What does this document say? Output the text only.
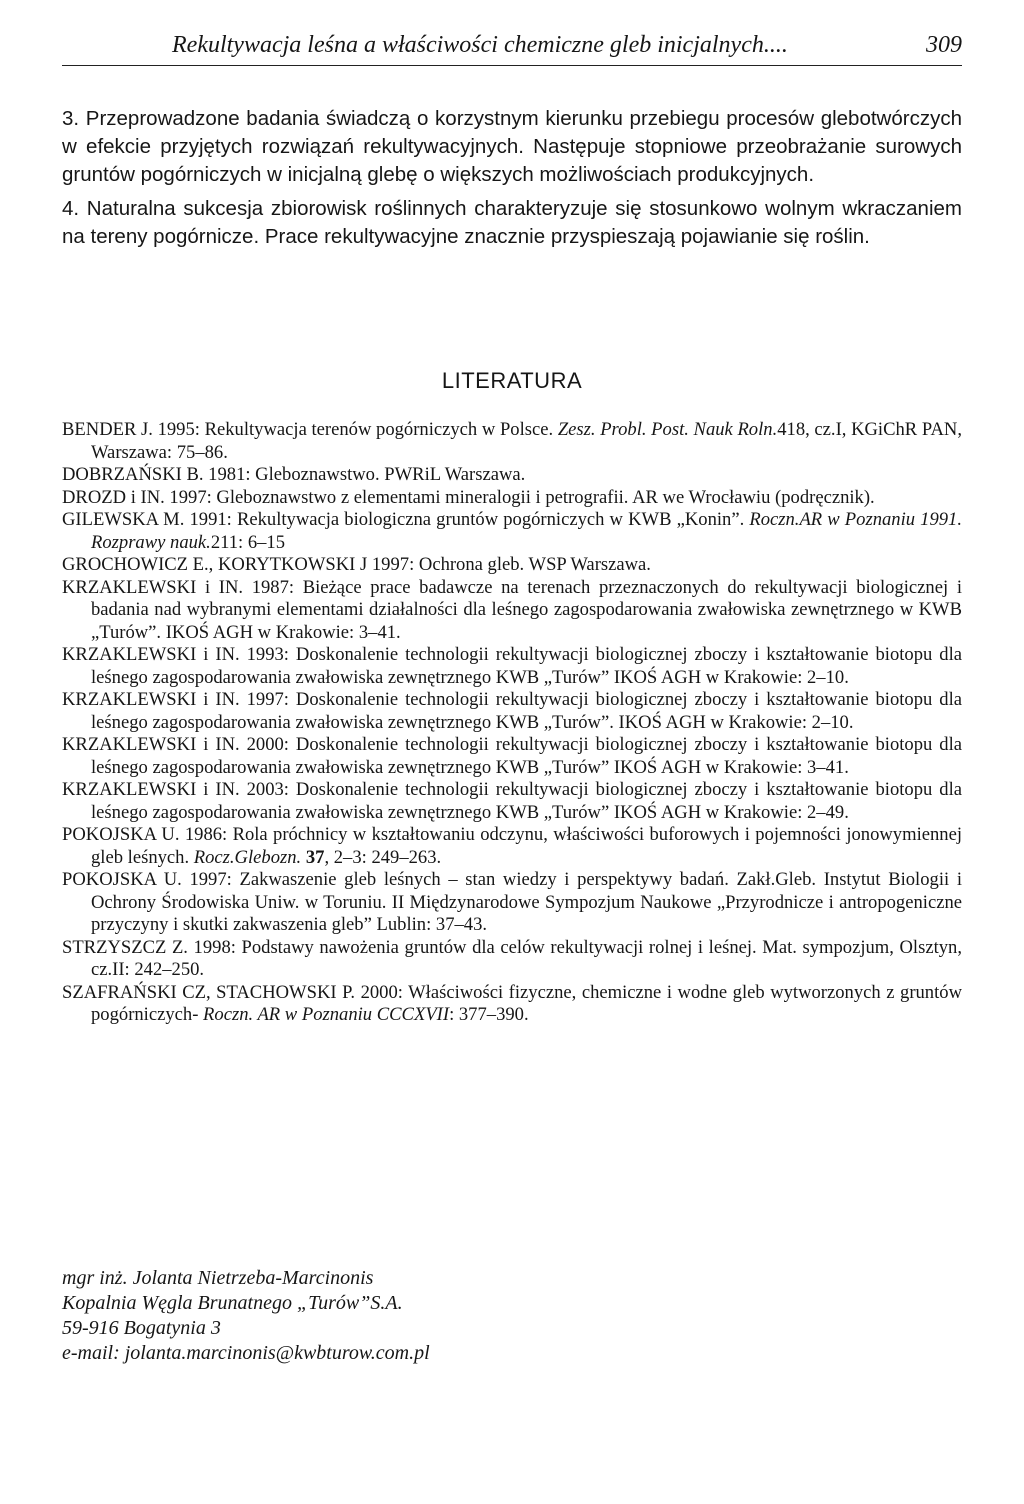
Rekultywacja leśna a właściwości chemiczne gleb inicjalnych....	309

3. Przeprowadzone badania świadczą o korzystnym kierunku przebiegu procesów glebotwórczych w efekcie przyjętych rozwiązań rekultywacyjnych. Następuje stopniowe przeobrażanie surowych gruntów pogórniczych w inicjalną glebę o większych możliwościach produkcyjnych.

4. Naturalna sukcesja zbiorowisk roślinnych charakteryzuje się stosunkowo wolnym wkraczaniem na tereny pogórnicze. Prace rekultywacyjne znacznie przyspieszają pojawianie się roślin.

LITERATURA
BENDER J. 1995: Rekultywacja terenów pogórniczych w Polsce. Zesz. Probl. Post. Nauk Roln.418, cz.I, KGiChR PAN, Warszawa: 75–86.
DOBRZAŃSKI B. 1981: Gleboznawstwo. PWRiL Warszawa.
DROZD i IN. 1997: Gleboznawstwo z elementami mineralogii i petrografii. AR we Wrocławiu (podręcznik).
GILEWSKA M. 1991: Rekultywacja biologiczna gruntów pogórniczych w KWB „Konin”. Roczn.AR w Poznaniu 1991. Rozprawy nauk.211: 6–15
GROCHOWICZ E., KORYTKOWSKI J 1997: Ochrona gleb. WSP Warszawa.
KRZAKLEWSKI i IN. 1987: Bieżące prace badawcze na terenach przeznaczonych do rekultywacji biologicznej i badania nad wybranymi elementami działalności dla leśnego zagospodarowania zwałowiska zewnętrznego w KWB „Turów”. IKOŚ AGH w Krakowie: 3–41.
KRZAKLEWSKI i IN. 1993: Doskonalenie technologii rekultywacji biologicznej zboczy i kształtowanie biotopu dla leśnego zagospodarowania zwałowiska zewnętrznego KWB „Turów” IKOŚ AGH w Krakowie: 2–10.
KRZAKLEWSKI i IN. 1997: Doskonalenie technologii rekultywacji biologicznej zboczy i kształtowanie biotopu dla leśnego zagospodarowania zwałowiska zewnętrznego KWB „Turów”. IKOŚ AGH w Krakowie: 2–10.
KRZAKLEWSKI i IN. 2000: Doskonalenie technologii rekultywacji biologicznej zboczy i kształtowanie biotopu dla leśnego zagospodarowania zwałowiska zewnętrznego KWB „Turów” IKOŚ AGH w Krakowie: 3–41.
KRZAKLEWSKI i IN. 2003: Doskonalenie technologii rekultywacji biologicznej zboczy i kształtowanie biotopu dla leśnego zagospodarowania zwałowiska zewnętrznego KWB „Turów” IKOŚ AGH w Krakowie: 2–49.
POKOJSKA U. 1986: Rola próchnicy w kształtowaniu odczynu, właściwości buforowych i pojemności jonowymiennej gleb leśnych. Rocz.Glebozn. 37, 2–3: 249–263.
POKOJSKA U. 1997: Zakwaszenie gleb leśnych – stan wiedzy i perspektywy badań. Zakł.Gleb. Instytut Biologii i Ochrony Środowiska Uniw. w Toruniu. II Międzynarodowe Sympozjum Naukowe „Przyrodnicze i antropogeniczne przyczyny i skutki zakwaszenia gleb” Lublin: 37–43.
STRZYSZCZ Z. 1998: Podstawy nawożenia gruntów dla celów rekultywacji rolnej i leśnej. Mat. sympozjum, Olsztyn, cz.II: 242–250.
SZAFRAŃSKI CZ, STACHOWSKI P. 2000: Właściwości fizyczne, chemiczne i wodne gleb wytworzonych z gruntów pogórniczych- Roczn. AR w Poznaniu CCCXVII: 377–390.
mgr inż. Jolanta Nietrzeba-Marcinonis
Kopalnia Węgla Brunatnego „Turów”S.A.
59-916 Bogatynia 3
e-mail: jolanta.marcinonis@kwbturow.com.pl
